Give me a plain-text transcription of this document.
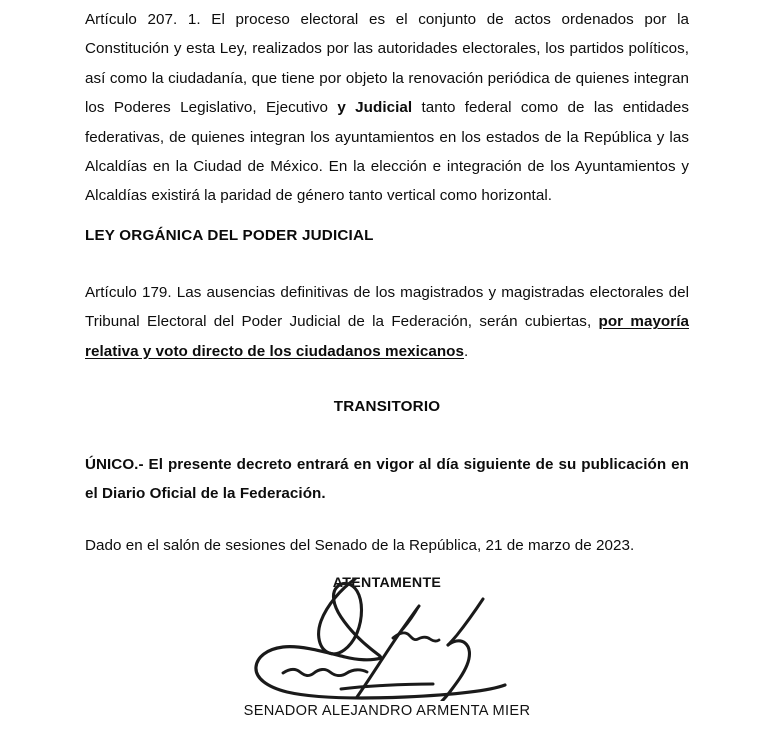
Artículo 207. 1. El proceso electoral es el conjunto de actos ordenados por la Constitución y esta Ley, realizados por las autoridades electorales, los partidos políticos, así como la ciudadanía, que tiene por objeto la renovación periódica de quienes integran los Poderes Legislativo, Ejecutivo y Judicial tanto federal como de las entidades federativas, de quienes integran los ayuntamientos en los estados de la República y las Alcaldías en la Ciudad de México. En la elección e integración de los Ayuntamientos y Alcaldías existirá la paridad de género tanto vertical como horizontal.

LEY ORGÁNICA DEL PODER JUDICIAL

Artículo 179. Las ausencias definitivas de los magistrados y magistradas electorales del Tribunal Electoral del Poder Judicial de la Federación, serán cubiertas, por mayoría relativa y voto directo de los ciudadanos mexicanos.

TRANSITORIO

ÚNICO.- El presente decreto entrará en vigor al día siguiente de su publicación en el Diario Oficial de la Federación.

Dado en el salón de sesiones del Senado de la República, 21 de marzo de 2023.

ATENTAMENTE
SENADOR ALEJANDRO ARMENTA MIER
